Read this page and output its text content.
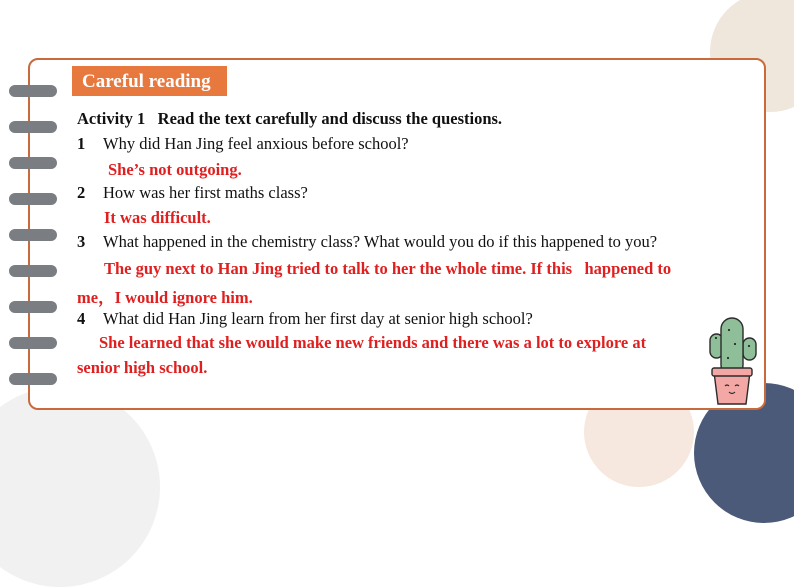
Careful reading
Activity 1 Read the text carefully and discuss the questions.
1 Why did Han Jing feel anxious before school?
She’s not outgoing.
2 How was her first maths class?
It was difficult.
3 What happened in the chemistry class? What would you do if this happened to you?
The guy next to Han Jing tried to talk to her the whole time. If this   happened to
me，I would ignore him.
4 What did Han Jing learn from her first day at senior high school?
She learned that she would make new friends and there was a lot to explore at
senior high school.
